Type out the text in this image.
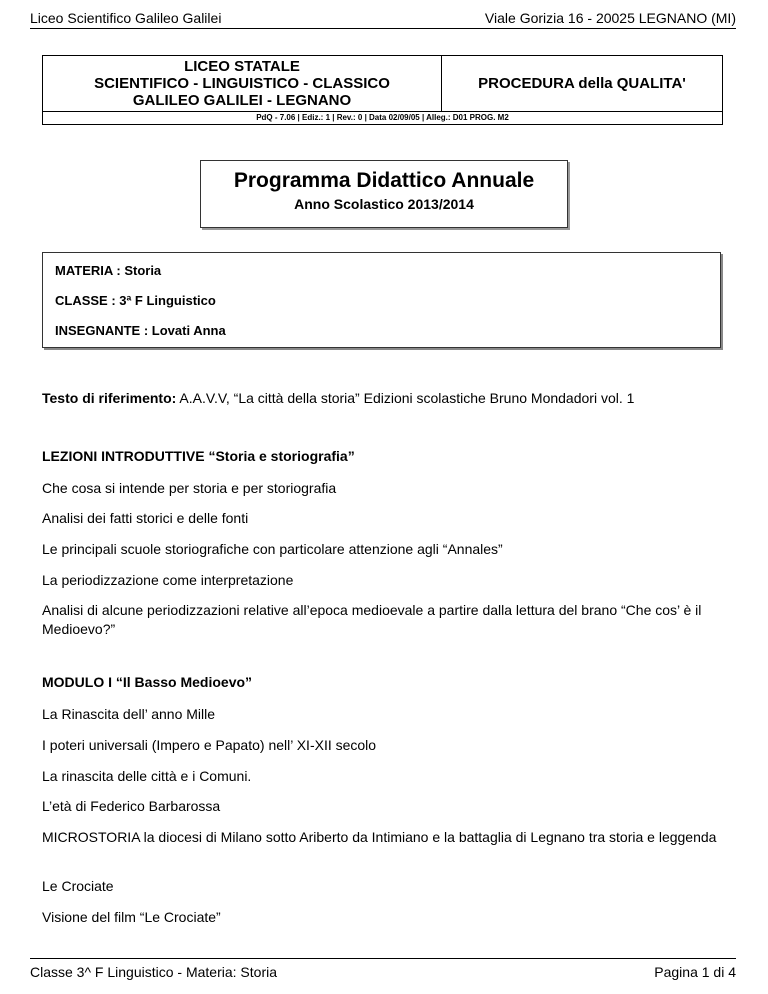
Liceo Scientifico Galileo Galilei	Viale Gorizia 16 - 20025 LEGNANO (MI)
LICEO STATALE
SCIENTIFICO - LINGUISTICO - CLASSICO
GALILEO GALILEI - LEGNANO
	PROCEDURA della QUALITA'
PdQ - 7.06 | Ediz.: 1 | Rev.: 0 | Data 02/09/05 | Alleg.: D01 PROG. M2
Programma Didattico Annuale
Anno Scolastico 2013/2014
MATERIA : Storia
CLASSE : 3ª F Linguistico
INSEGNANTE : Lovati Anna
Testo di riferimento: A.A.V.V, “La città della storia” Edizioni scolastiche Bruno Mondadori vol. 1
LEZIONI INTRODUTTIVE “Storia e storiografia”
Che cosa si intende per storia e per storiografia
Analisi dei fatti storici e delle fonti
Le principali scuole storiografiche con particolare attenzione agli “Annales”
La periodizzazione come interpretazione
Analisi di alcune periodizzazioni relative all’epoca medioevale a partire dalla lettura del brano “Che cos’ è il Medioevo?”
MODULO I “Il Basso Medioevo”
La Rinascita dell’ anno Mille
I poteri universali (Impero e Papato) nell’ XI-XII secolo
La rinascita delle città e i Comuni.
L’età di Federico Barbarossa
MICROSTORIA la diocesi di Milano sotto Ariberto da Intimiano e la battaglia di Legnano tra storia e leggenda
Le Crociate
Visione del film “Le Crociate”
Classe 3^ F Linguistico - Materia: Storia	Pagina 1 di 4
